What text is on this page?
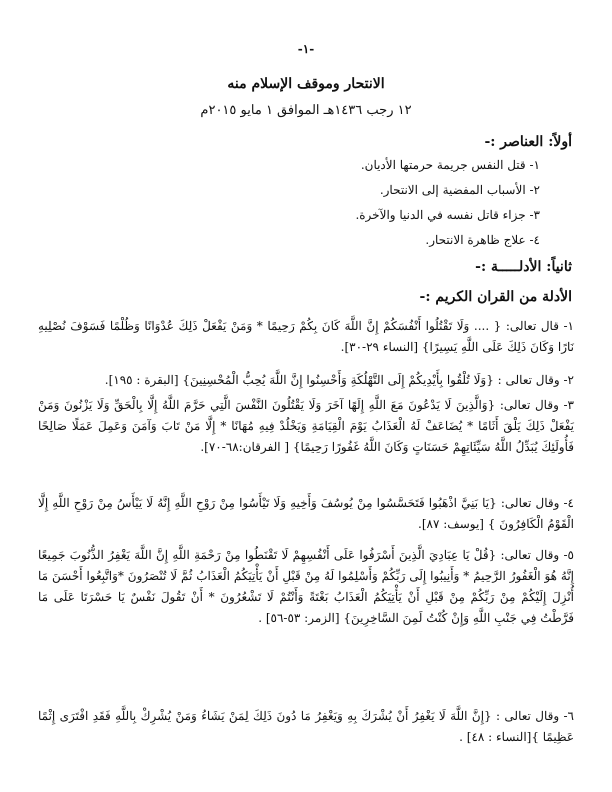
-١-
الانتحار وموقف الإسلام منه
١٢ رجب ١٤٣٦هـ الموافق ١ مايو ٢٠١٥م
أولاً: العناصر :-
١- قتل النفس جريمة حرمتها الأديان.
٢- الأسباب المفضية إلى الانتحار.
٣- جزاء قاتل نفسه في الدنيا والآخرة.
٤- علاج ظاهرة الانتحار.
ثانياً: الأدلـــــة :-
الأدلة من القران الكريم :-
١- قال تعالى: { .... وَلَا تَقْتُلُوا أَنْفُسَكُمْ إِنَّ اللَّهَ كَانَ بِكُمْ رَحِيمًا * وَمَنْ يَفْعَلْ ذَلِكَ عُدْوَانًا وَظُلْمًا فَسَوْفَ نُصْلِيهِ نَارًا وَكَانَ ذَلِكَ عَلَى اللَّهِ يَسِيرًا} [النساء ٢٩-٣٠].
٢- وقال تعالى : {وَلَا تُلْقُوا بِأَيْدِيكُمْ إِلَى التَّهْلُكَةِ وَأَحْسِنُوا إِنَّ اللَّهَ يُحِبُّ الْمُحْسِنِينَ} [البقرة : ١٩٥].
٣- وقال تعالى: {وَالَّذِينَ لَا يَدْعُونَ مَعَ اللَّهِ إِلَهًا آخَرَ وَلَا يَقْتُلُونَ النَّفْسَ الَّتِي حَرَّمَ اللَّهُ إِلَّا بِالْحَقِّ وَلَا يَزْنُونَ وَمَنْ يَفْعَلْ ذَلِكَ يَلْقَ أَثَامًا * يُضَاعَفْ لَهُ الْعَذَابُ يَوْمَ الْقِيَامَةِ وَيَخْلُدْ فِيهِ مُهَانًا * إِلَّا مَنْ تَابَ وَآمَنَ وَعَمِلَ عَمَلًا صَالِحًا فَأُولَئِكَ يُبَدِّلُ اللَّهُ سَيِّئَاتِهِمْ حَسَنَاتٍ وَكَانَ اللَّهُ غَفُورًا رَحِيمًا} [ الفرقان:٦٨-٧٠].
٤- وقال تعالى: {يَا بَنِيَّ اذْهَبُوا فَتَحَسَّسُوا مِنْ يُوسُفَ وَأَخِيهِ وَلَا تَيْأَسُوا مِنْ رَوْحِ اللَّهِ إِنَّهُ لَا يَيْأَسُ مِنْ رَوْحِ اللَّهِ إِلَّا الْقَوْمُ الْكَافِرُونَ } [يوسف: ٨٧].
٥- وقال تعالى: {قُلْ يَا عِبَادِيَ الَّذِينَ أَسْرَفُوا عَلَى أَنْفُسِهِمْ لَا تَقْنَطُوا مِنْ رَحْمَةِ اللَّهِ إِنَّ اللَّهَ يَغْفِرُ الذُّنُوبَ جَمِيعًا إِنَّهُ هُوَ الْغَفُورُ الرَّحِيمُ * وَأَنِيبُوا إِلَى رَبِّكُمْ وَأَسْلِمُوا لَهُ مِنْ قَبْلِ أَنْ يَأْتِيَكُمُ الْعَذَابُ ثُمَّ لَا تُنْصَرُونَ *وَاتَّبِعُوا أَحْسَنَ مَا أُنْزِلَ إِلَيْكُمْ مِنْ رَبِّكُمْ مِنْ قَبْلِ أَنْ يَأْتِيَكُمُ الْعَذَابُ بَغْتَةً وَأَنْتُمْ لَا تَشْعُرُونَ * أَنْ تَقُولَ نَفْسٌ يَا حَسْرَتَا عَلَى مَا فَرَّطْتُ فِي جَنْبِ اللَّهِ وَإِنْ كُنْتُ لَمِنَ السَّاخِرِينَ} [الزمر: ٥٣-٥٦] .
٦- وقال تعالى : {إِنَّ اللَّهَ لَا يَغْفِرُ أَنْ يُشْرَكَ بِهِ وَيَغْفِرُ مَا دُونَ ذَلِكَ لِمَنْ يَشَاءُ وَمَنْ يُشْرِكْ بِاللَّهِ فَقَدِ افْتَرَى إِثْمًا عَظِيمًا }[النساء : ٤٨] .
